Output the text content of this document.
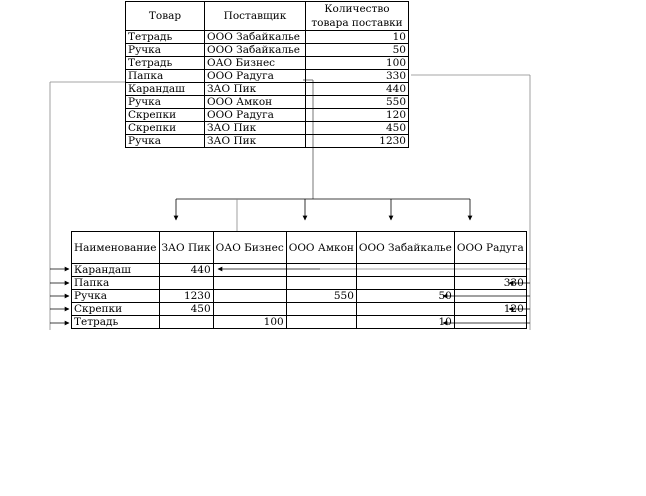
Товар	Поставщик	Количество товара поставки
Тетрадь	ООО Забайкалье	10
Ручка	ООО Забайкалье	50
Тетрадь	ОАО Бизнес	100
Папка	ООО Радуга	330
Карандаш	ЗАО Пик	440
Ручка	ООО Амкон	550
Скрепки	ООО Радуга	120
Скрепки	ЗАО Пик	450
Ручка	ЗАО Пик	1230
Наименование	ЗАО Пик	ОАО Бизнес	ООО Амкон	ООО Забайкалье	ООО Радуга
Карандаш	440				
Папка					330
Ручка	1230		550	50	
Скрепки	450				120
Тетрадь		100		10	
